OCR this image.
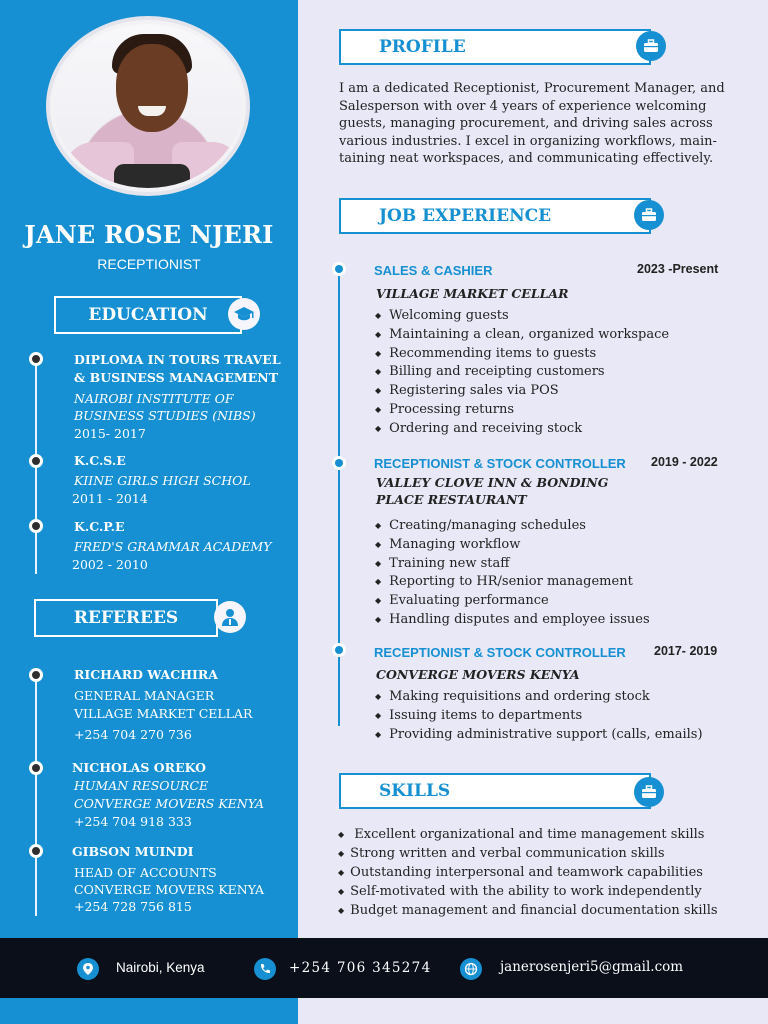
JANE ROSE NJERI
RECEPTIONIST
EDUCATION
DIPLOMA IN TOURS TRAVEL
& BUSINESS MANAGEMENT
NAIROBI INSTITUTE OF
BUSINESS STUDIES (NIBS)
2015- 2017
K.C.S.E
KIINE GIRLS HIGH SCHOL
2011 - 2014
K.C.P.E
FRED'S GRAMMAR ACADEMY
2002 - 2010
REFEREES
RICHARD WACHIRA
GENERAL MANAGER
VILLAGE MARKET CELLAR
+254 704 270 736
NICHOLAS OREKO
HUMAN RESOURCE
CONVERGE MOVERS KENYA
+254 704 918 333
GIBSON MUINDI
HEAD OF ACCOUNTS
CONVERGE MOVERS KENYA
+254 728 756 815
PROFILE
I am a dedicated Receptionist, Procurement Manager, and
Salesperson with over 4 years of experience welcoming
guests, managing procurement, and driving sales across
various industries. I excel in organizing workflows, main-
taining neat workspaces, and communicating effectively.
JOB EXPERIENCE
SALES & CASHIER	2023 -Present
VILLAGE MARKET CELLAR
◆ Welcoming guests
◆ Maintaining a clean, organized workspace
◆ Recommending items to guests
◆ Billing and receipting customers
◆ Registering sales via POS
◆ Processing returns
◆ Ordering and receiving stock
RECEPTIONIST & STOCK CONTROLLER 2019 - 2022
VALLEY CLOVE INN & BONDING
PLACE RESTAURANT
◆ Creating/managing schedules
◆ Managing workflow
◆ Training new staff
◆ Reporting to HR/senior management
◆ Evaluating performance
◆ Handling disputes and employee issues
RECEPTIONIST & STOCK CONTROLLER 2017- 2019
CONVERGE MOVERS KENYA
◆ Making requisitions and ordering stock
◆ Issuing items to departments
◆ Providing administrative support (calls, emails)
SKILLS
◆ Excellent organizational and time management skills
◆ Strong written and verbal communication skills
◆ Outstanding interpersonal and teamwork capabilities
◆ Self-motivated with the ability to work independently
◆ Budget management and financial documentation skills
Nairobi, Kenya	+254 706 345274	janerosenjeri5@gmail.com
